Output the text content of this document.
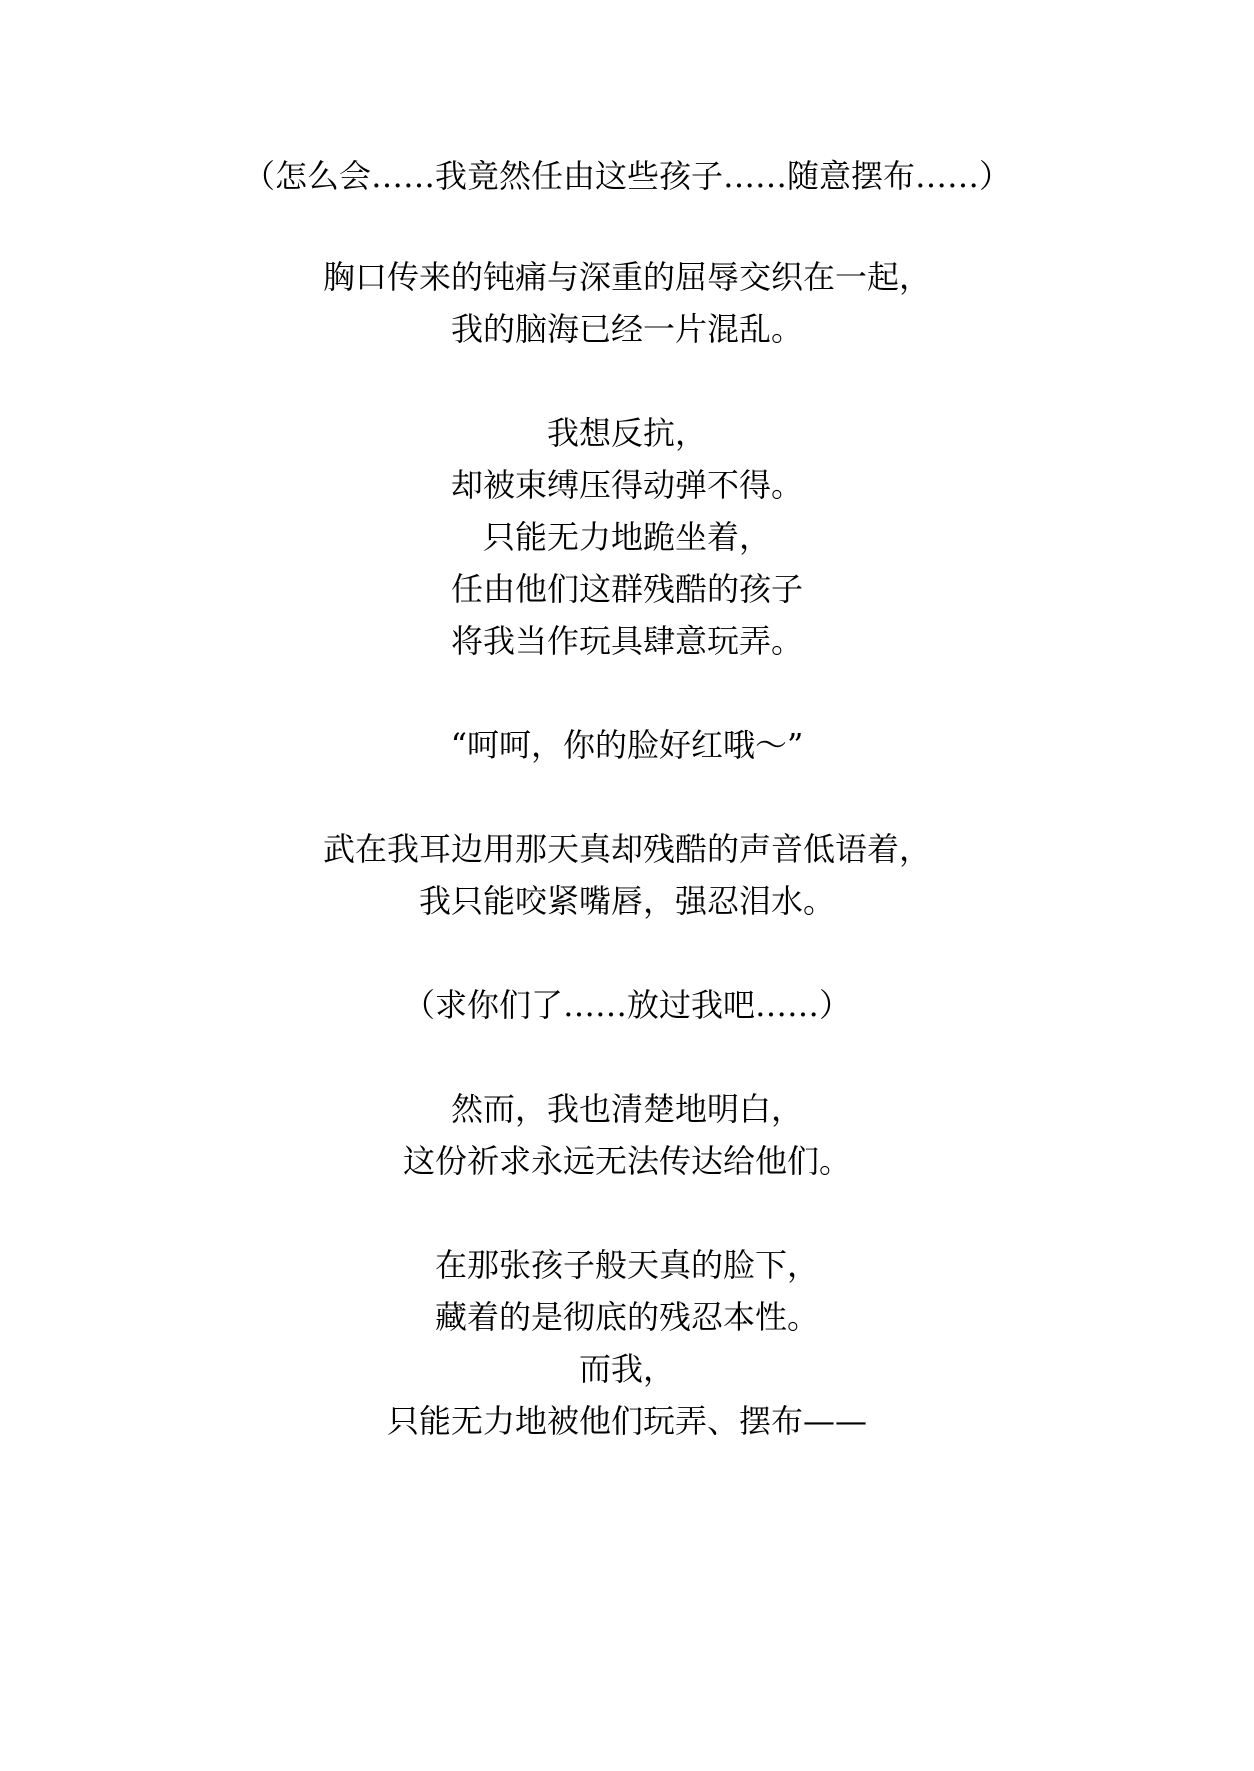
（怎么会……我竟然任由这些孩子……随意摆布……）
胸口传来的钝痛与深重的屈辱交织在一起，
我的脑海已经一片混乱。
我想反抗，
却被束缚压得动弹不得。
只能无力地跪坐着，
任由他们这群残酷的孩子
将我当作玩具肆意玩弄。
“呵呵，你的脸好红哦～”
武在我耳边用那天真却残酷的声音低语着，
我只能咬紧嘴唇，强忍泪水。
（求你们了……放过我吧……）
然而，我也清楚地明白，
这份祈求永远无法传达给他们。
在那张孩子般天真的脸下，
藏着的是彻底的残忍本性。
而我，
只能无力地被他们玩弄、摆布——
